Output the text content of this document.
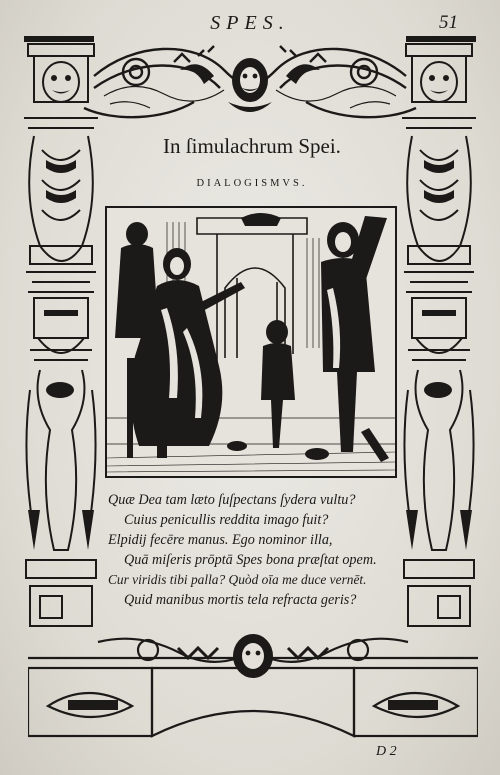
SPES.	51
In ſimulachrum Spei.
DIALOGISMVS.
Quæ Dea tam læto ſuſpectans ſydera vultu?
Cuius penicullis reddita imago fuit?
Elpidij fecēre manus. Ego nominor illa,
Quā miſeris prōptā Spes bona præſtat opem.
Cur viridis tibi palla? Quòd oīa me duce vernēt.
Quid manibus mortis tela refracta geris?
D 2
